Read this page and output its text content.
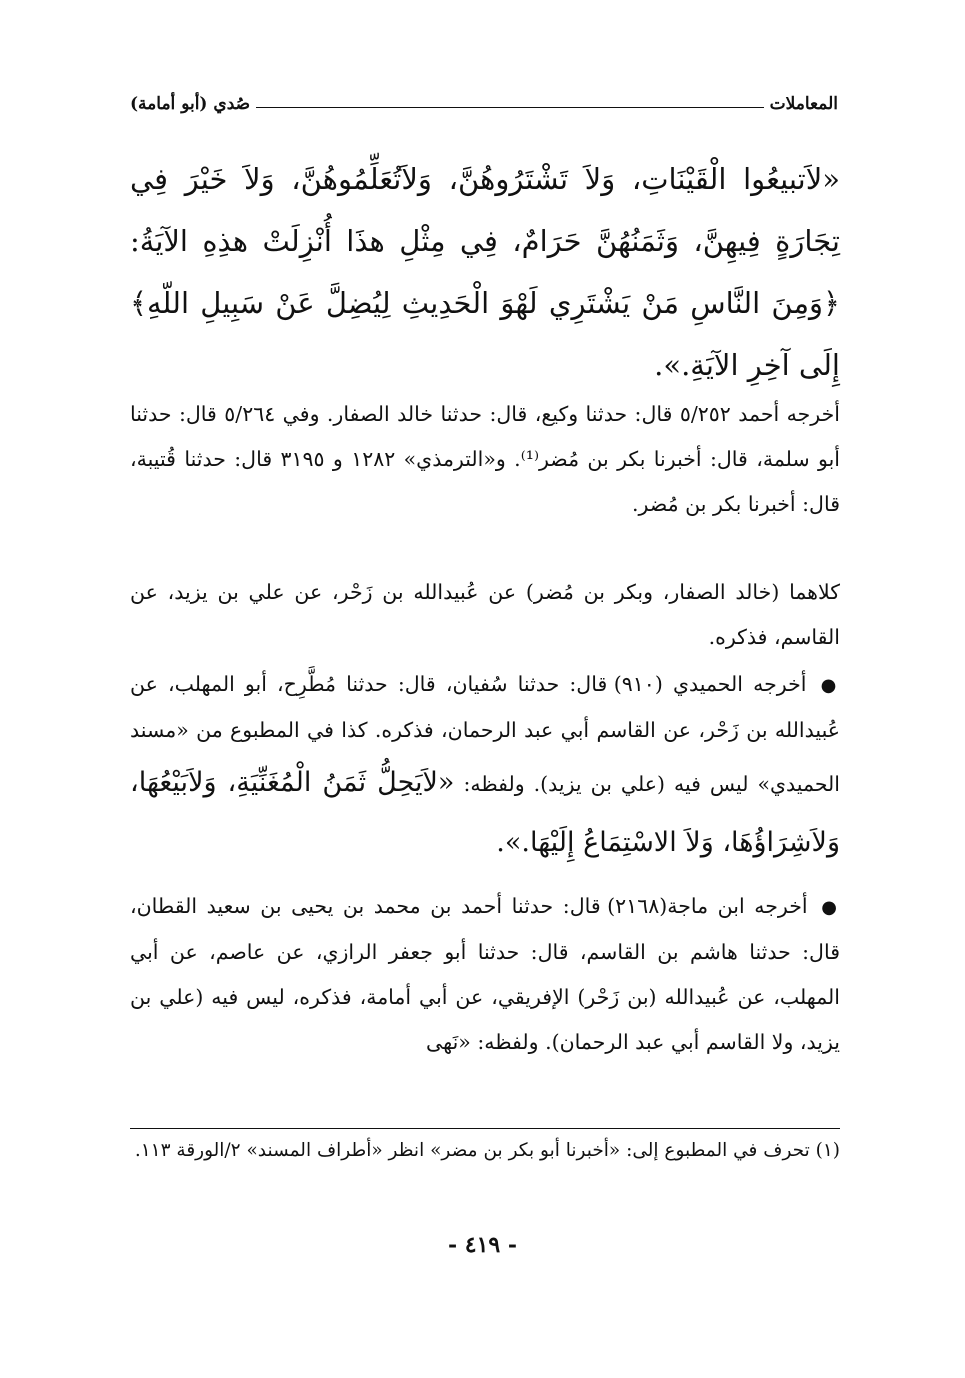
المعاملات
صُدي (أبو أمامة)
«لاَتبيعُوا الْقَيْنَاتِ، وَلاَ تَشْتَرُوهُنَّ، وَلاَتُعَلِّمُوهُنَّ، وَلاَ خَيْرَ فِي تِجَارَةٍ فِيهِنَّ، وَثَمَنُهُنَّ حَرَامٌ، فِي مِثْلِ هذَا أُنْزِلَتْ هذِهِ الآيَةُ: ﴿وَمِنَ النَّاسِ مَنْ يَشْتَرِي لَهْوَ الْحَدِيثِ لِيُضِلَّ عَنْ سَبِيلِ اللّهِ﴾ إِلَى آخِرِ الآيَةِ.».
أخرجه أحمد ٥/٢٥٢ قال: حدثنا وكيع، قال: حدثنا خالد الصفار. وفي ٥/٢٦٤ قال: حدثنا أبو سلمة، قال: أخبرنا بكر بن مُضر⁽¹⁾. و«الترمذي» ١٢٨٢ و ٣١٩٥ قال: حدثنا قُتيبة، قال: أخبرنا بكر بن مُضر.
كلاهما (خالد الصفار، وبكر بن مُضر) عن عُبيدالله بن زَحْر، عن علي بن يزيد، عن القاسم، فذكره.
● أخرجه الحميدي (٩١٠) قال: حدثنا سُفيان، قال: حدثنا مُطَّرِح، أبو المهلب، عن عُبيدالله بن زَحْر، عن القاسم أبي عبد الرحمان، فذكره. كذا في المطبوع من «مسند الحميدي» ليس فيه (علي بن يزيد). ولفظه: «لاَيَحِلُّ ثَمَنُ الْمُغَنِّيَةِ، وَلاَبَيْعُهَا، وَلاَشِرَاؤُهَا، وَلاَ الاسْتِمَاعُ إِلَيْهَا.».
● أخرجه ابن ماجة(٢١٦٨) قال: حدثنا أحمد بن محمد بن يحيى بن سعيد القطان، قال: حدثنا هاشم بن القاسم، قال: حدثنا أبو جعفر الرازي، عن عاصم، عن أبي المهلب، عن عُبيدالله (بن زَحْر) الإفريقي، عن أبي أمامة، فذكره، ليس فيه (علي بن يزيد، ولا القاسم أبي عبد الرحمان). ولفظه: «نَهى
(١) تحرف في المطبوع إلى: «أخبرنا أبو بكر بن مضر» انظر «أطراف المسند» ٢/الورقة ١١٣.
- ٤١٩ -
